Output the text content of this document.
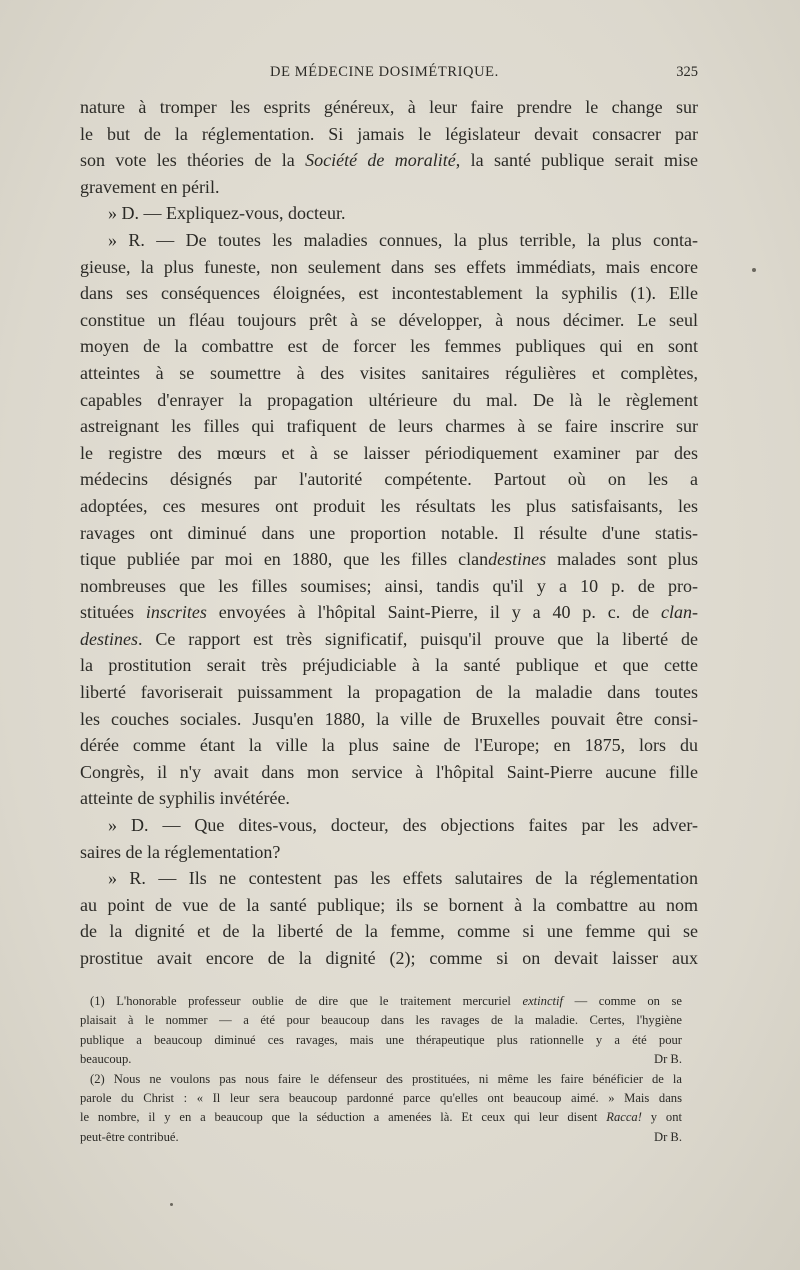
DE MÉDECINE DOSIMÉTRIQUE.	325
nature à tromper les esprits généreux, à leur faire prendre le change sur
le but de la réglementation. Si jamais le législateur devait consacrer par
son vote les théories de la Société de moralité, la santé publique serait mise
gravement en péril.
» D. — Expliquez-vous, docteur.
» R. — De toutes les maladies connues, la plus terrible, la plus conta-
gieuse, la plus funeste, non seulement dans ses effets immédiats, mais encore
dans ses conséquences éloignées, est incontestablement la syphilis (1). Elle
constitue un fléau toujours prêt à se développer, à nous décimer. Le seul
moyen de la combattre est de forcer les femmes publiques qui en sont
atteintes à se soumettre à des visites sanitaires régulières et complètes,
capables d'enrayer la propagation ultérieure du mal. De là le règlement
astreignant les filles qui trafiquent de leurs charmes à se faire inscrire sur
le registre des mœurs et à se laisser périodiquement examiner par des
médecins désignés par l'autorité compétente. Partout où on les a
adoptées, ces mesures ont produit les résultats les plus satisfaisants, les
ravages ont diminué dans une proportion notable. Il résulte d'une statis-
tique publiée par moi en 1880, que les filles clandestines malades sont plus
nombreuses que les filles soumises; ainsi, tandis qu'il y a 10 p. de pro-
stituées inscrites envoyées à l'hôpital Saint-Pierre, il y a 40 p. c. de clan-
destines. Ce rapport est très significatif, puisqu'il prouve que la liberté de
la prostitution serait très préjudiciable à la santé publique et que cette
liberté favoriserait puissamment la propagation de la maladie dans toutes
les couches sociales. Jusqu'en 1880, la ville de Bruxelles pouvait être consi-
dérée comme étant la ville la plus saine de l'Europe; en 1875, lors du
Congrès, il n'y avait dans mon service à l'hôpital Saint-Pierre aucune fille
atteinte de syphilis invétérée.
» D. — Que dites-vous, docteur, des objections faites par les adver-
saires de la réglementation?
» R. — Ils ne contestent pas les effets salutaires de la réglementation
au point de vue de la santé publique; ils se bornent à la combattre au nom
de la dignité et de la liberté de la femme, comme si une femme qui se
prostitue avait encore de la dignité (2); comme si on devait laisser aux
(1) L'honorable professeur oublie de dire que le traitement mercuriel extinctif — comme on se
plaisait à le nommer — a été pour beaucoup dans les ravages de la maladie. Certes, l'hygiène
publique a beaucoup diminué ces ravages, mais une thérapeutique plus rationnelle y a été pour
beaucoup.	Dr B.
(2) Nous ne voulons pas nous faire le défenseur des prostituées, ni même les faire bénéficier de la
parole du Christ : « Il leur sera beaucoup pardonné parce qu'elles ont beaucoup aimé. » Mais dans
le nombre, il y en a beaucoup que la séduction a amenées là. Et ceux qui leur disent Racca! y ont
peut-être contribué.	Dr B.
